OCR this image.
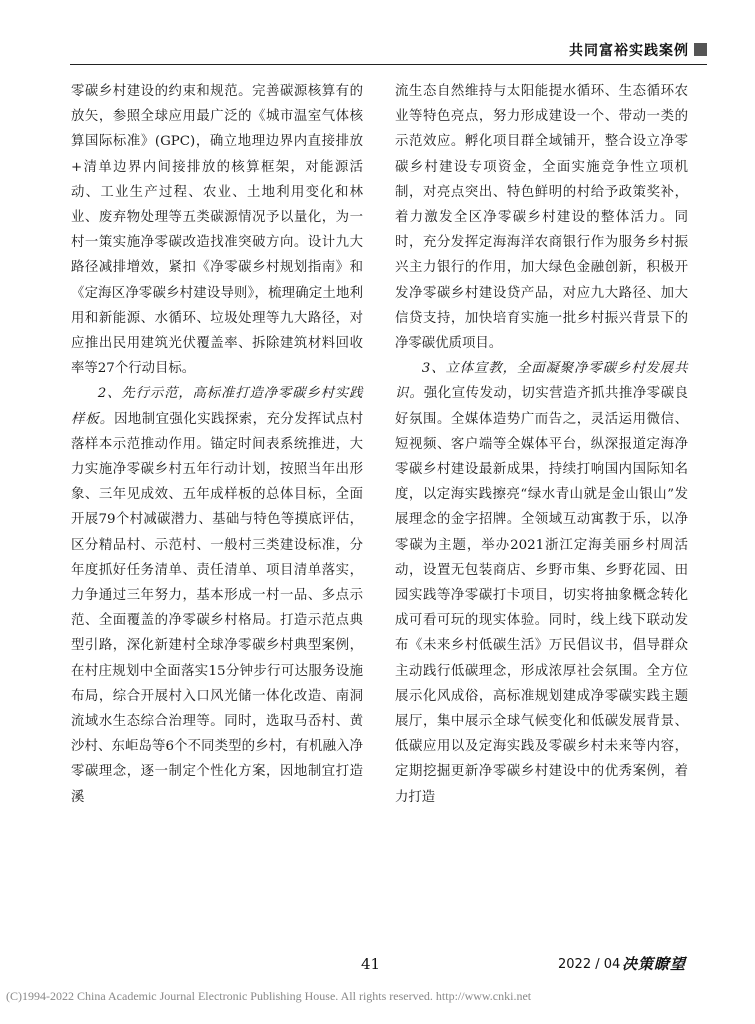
共同富裕实践案例

零碳乡村建设的约束和规范。完善碳源核算有的放矢，参照全球应用最广泛的《城市温室气体核算国际标准》(GPC)，确立地理边界内直接排放+清单边界内间接排放的核算框架，对能源活动、工业生产过程、农业、土地利用变化和林业、废弃物处理等五类碳源情况予以量化，为一村一策实施净零碳改造找准突破方向。设计九大路径减排增效，紧扣《净零碳乡村规划指南》和《定海区净零碳乡村建设导则》，梳理确定土地利用和新能源、水循环、垃圾处理等九大路径，对应推出民用建筑光伏覆盖率、拆除建筑材料回收率等27个行动目标。

2、先行示范，高标准打造净零碳乡村实践样板。因地制宜强化实践探索，充分发挥试点村落样本示范推动作用。锚定时间表系统推进，大力实施净零碳乡村五年行动计划，按照当年出形象、三年见成效、五年成样板的总体目标，全面开展79个村减碳潜力、基础与特色等摸底评估，区分精品村、示范村、一般村三类建设标准，分年度抓好任务清单、责任清单、项目清单落实，力争通过三年努力，基本形成一村一品、多点示范、全面覆盖的净零碳乡村格局。打造示范点典型引路，深化新建村全球净零碳乡村典型案例，在村庄规划中全面落实15分钟步行可达服务设施布局，综合开展村入口风光储一体化改造、南洞流域水生态综合治理等。同时，选取马岙村、黄沙村、东岠岛等6个不同类型的乡村，有机融入净零碳理念，逐一制定个性化方案，因地制宜打造溪

流生态自然维持与太阳能提水循环、生态循环农业等特色亮点，努力形成建设一个、带动一类的示范效应。孵化项目群全域铺开，整合设立净零碳乡村建设专项资金，全面实施竞争性立项机制，对亮点突出、特色鲜明的村给予政策奖补，着力激发全区净零碳乡村建设的整体活力。同时，充分发挥定海海洋农商银行作为服务乡村振兴主力银行的作用，加大绿色金融创新，积极开发净零碳乡村建设贷产品，对应九大路径、加大信贷支持，加快培育实施一批乡村振兴背景下的净零碳优质项目。

3、立体宣教，全面凝聚净零碳乡村发展共识。强化宣传发动，切实营造齐抓共推净零碳良好氛围。全媒体造势广而告之，灵活运用微信、短视频、客户端等全媒体平台，纵深报道定海净零碳乡村建设最新成果，持续打响国内国际知名度，以定海实践擦亮“绿水青山就是金山银山”发展理念的金字招牌。全领域互动寓教于乐，以净零碳为主题，举办2021浙江定海美丽乡村周活动，设置无包装商店、乡野市集、乡野花园、田园实践等净零碳打卡项目，切实将抽象概念转化成可看可玩的现实体验。同时，线上线下联动发布《未来乡村低碳生活》万民倡议书，倡导群众主动践行低碳理念，形成浓厚社会氛围。全方位展示化风成俗，高标准规划建成净零碳实践主题展厅，集中展示全球气候变化和低碳发展背景、低碳应用以及定海实践及零碳乡村未来等内容，定期挖掘更新净零碳乡村建设中的优秀案例，着力打造

41	2022 / 04 决策瞭望
(C)1994-2022 China Academic Journal Electronic Publishing House. All rights reserved. http://www.cnki.net
